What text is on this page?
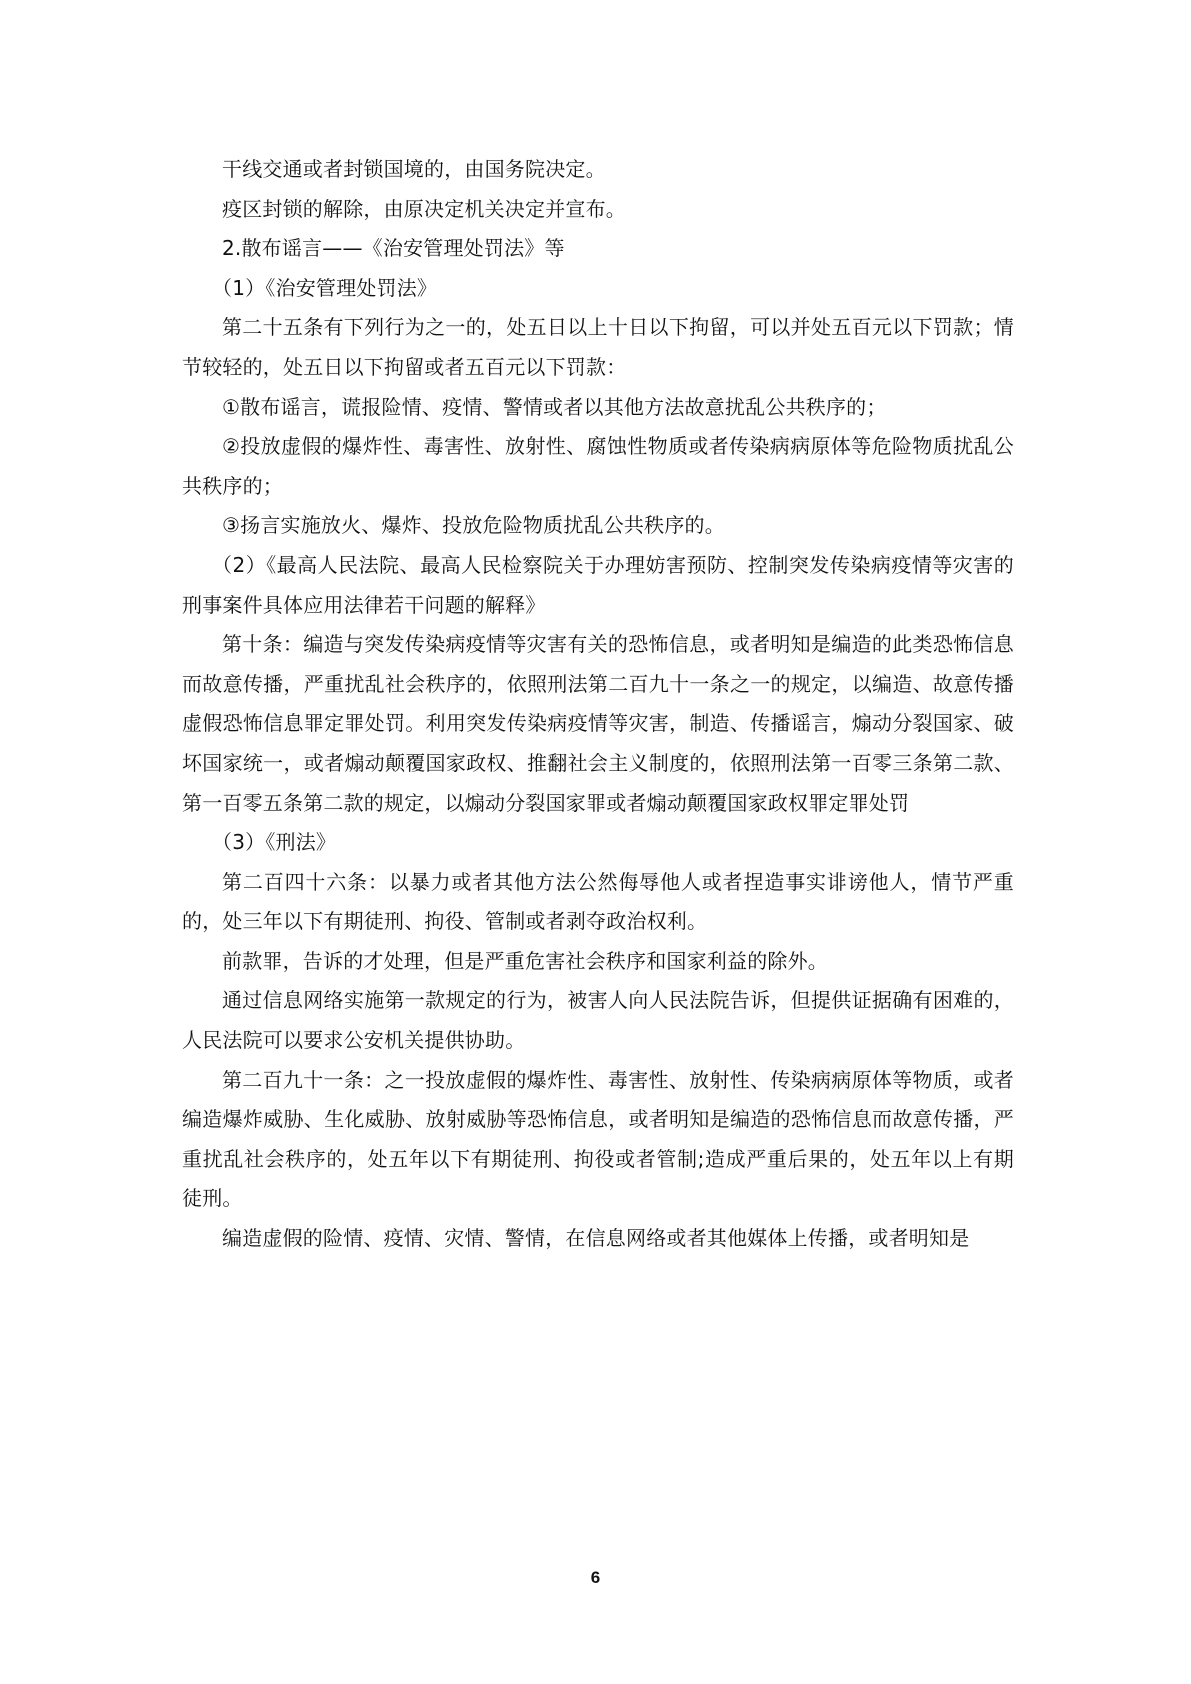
干线交通或者封锁国境的，由国务院决定。

疫区封锁的解除，由原决定机关决定并宣布。

2.散布谣言——《治安管理处罚法》等

（1）《治安管理处罚法》

第二十五条有下列行为之一的，处五日以上十日以下拘留，可以并处五百元以下罚款；情节较轻的，处五日以下拘留或者五百元以下罚款：

①散布谣言，谎报险情、疫情、警情或者以其他方法故意扰乱公共秩序的；

②投放虚假的爆炸性、毒害性、放射性、腐蚀性物质或者传染病病原体等危险物质扰乱公共秩序的；

③扬言实施放火、爆炸、投放危险物质扰乱公共秩序的。

（2）《最高人民法院、最高人民检察院关于办理妨害预防、控制突发传染病疫情等灾害的刑事案件具体应用法律若干问题的解释》

第十条：编造与突发传染病疫情等灾害有关的恐怖信息，或者明知是编造的此类恐怖信息而故意传播，严重扰乱社会秩序的，依照刑法第二百九十一条之一的规定，以编造、故意传播虚假恐怖信息罪定罪处罚。利用突发传染病疫情等灾害，制造、传播谣言，煽动分裂国家、破坏国家统一，或者煽动颠覆国家政权、推翻社会主义制度的，依照刑法第一百零三条第二款、第一百零五条第二款的规定，以煽动分裂国家罪或者煽动颠覆国家政权罪定罪处罚

（3）《刑法》

第二百四十六条：以暴力或者其他方法公然侮辱他人或者捏造事实诽谤他人，情节严重的，处三年以下有期徒刑、拘役、管制或者剥夺政治权利。

前款罪，告诉的才处理，但是严重危害社会秩序和国家利益的除外。

通过信息网络实施第一款规定的行为，被害人向人民法院告诉，但提供证据确有困难的，人民法院可以要求公安机关提供协助。

第二百九十一条：之一投放虚假的爆炸性、毒害性、放射性、传染病病原体等物质，或者编造爆炸威胁、生化威胁、放射威胁等恐怖信息，或者明知是编造的恐怖信息而故意传播，严重扰乱社会秩序的，处五年以下有期徒刑、拘役或者管制;造成严重后果的，处五年以上有期徒刑。

编造虚假的险情、疫情、灾情、警情，在信息网络或者其他媒体上传播，或者明知是

6
